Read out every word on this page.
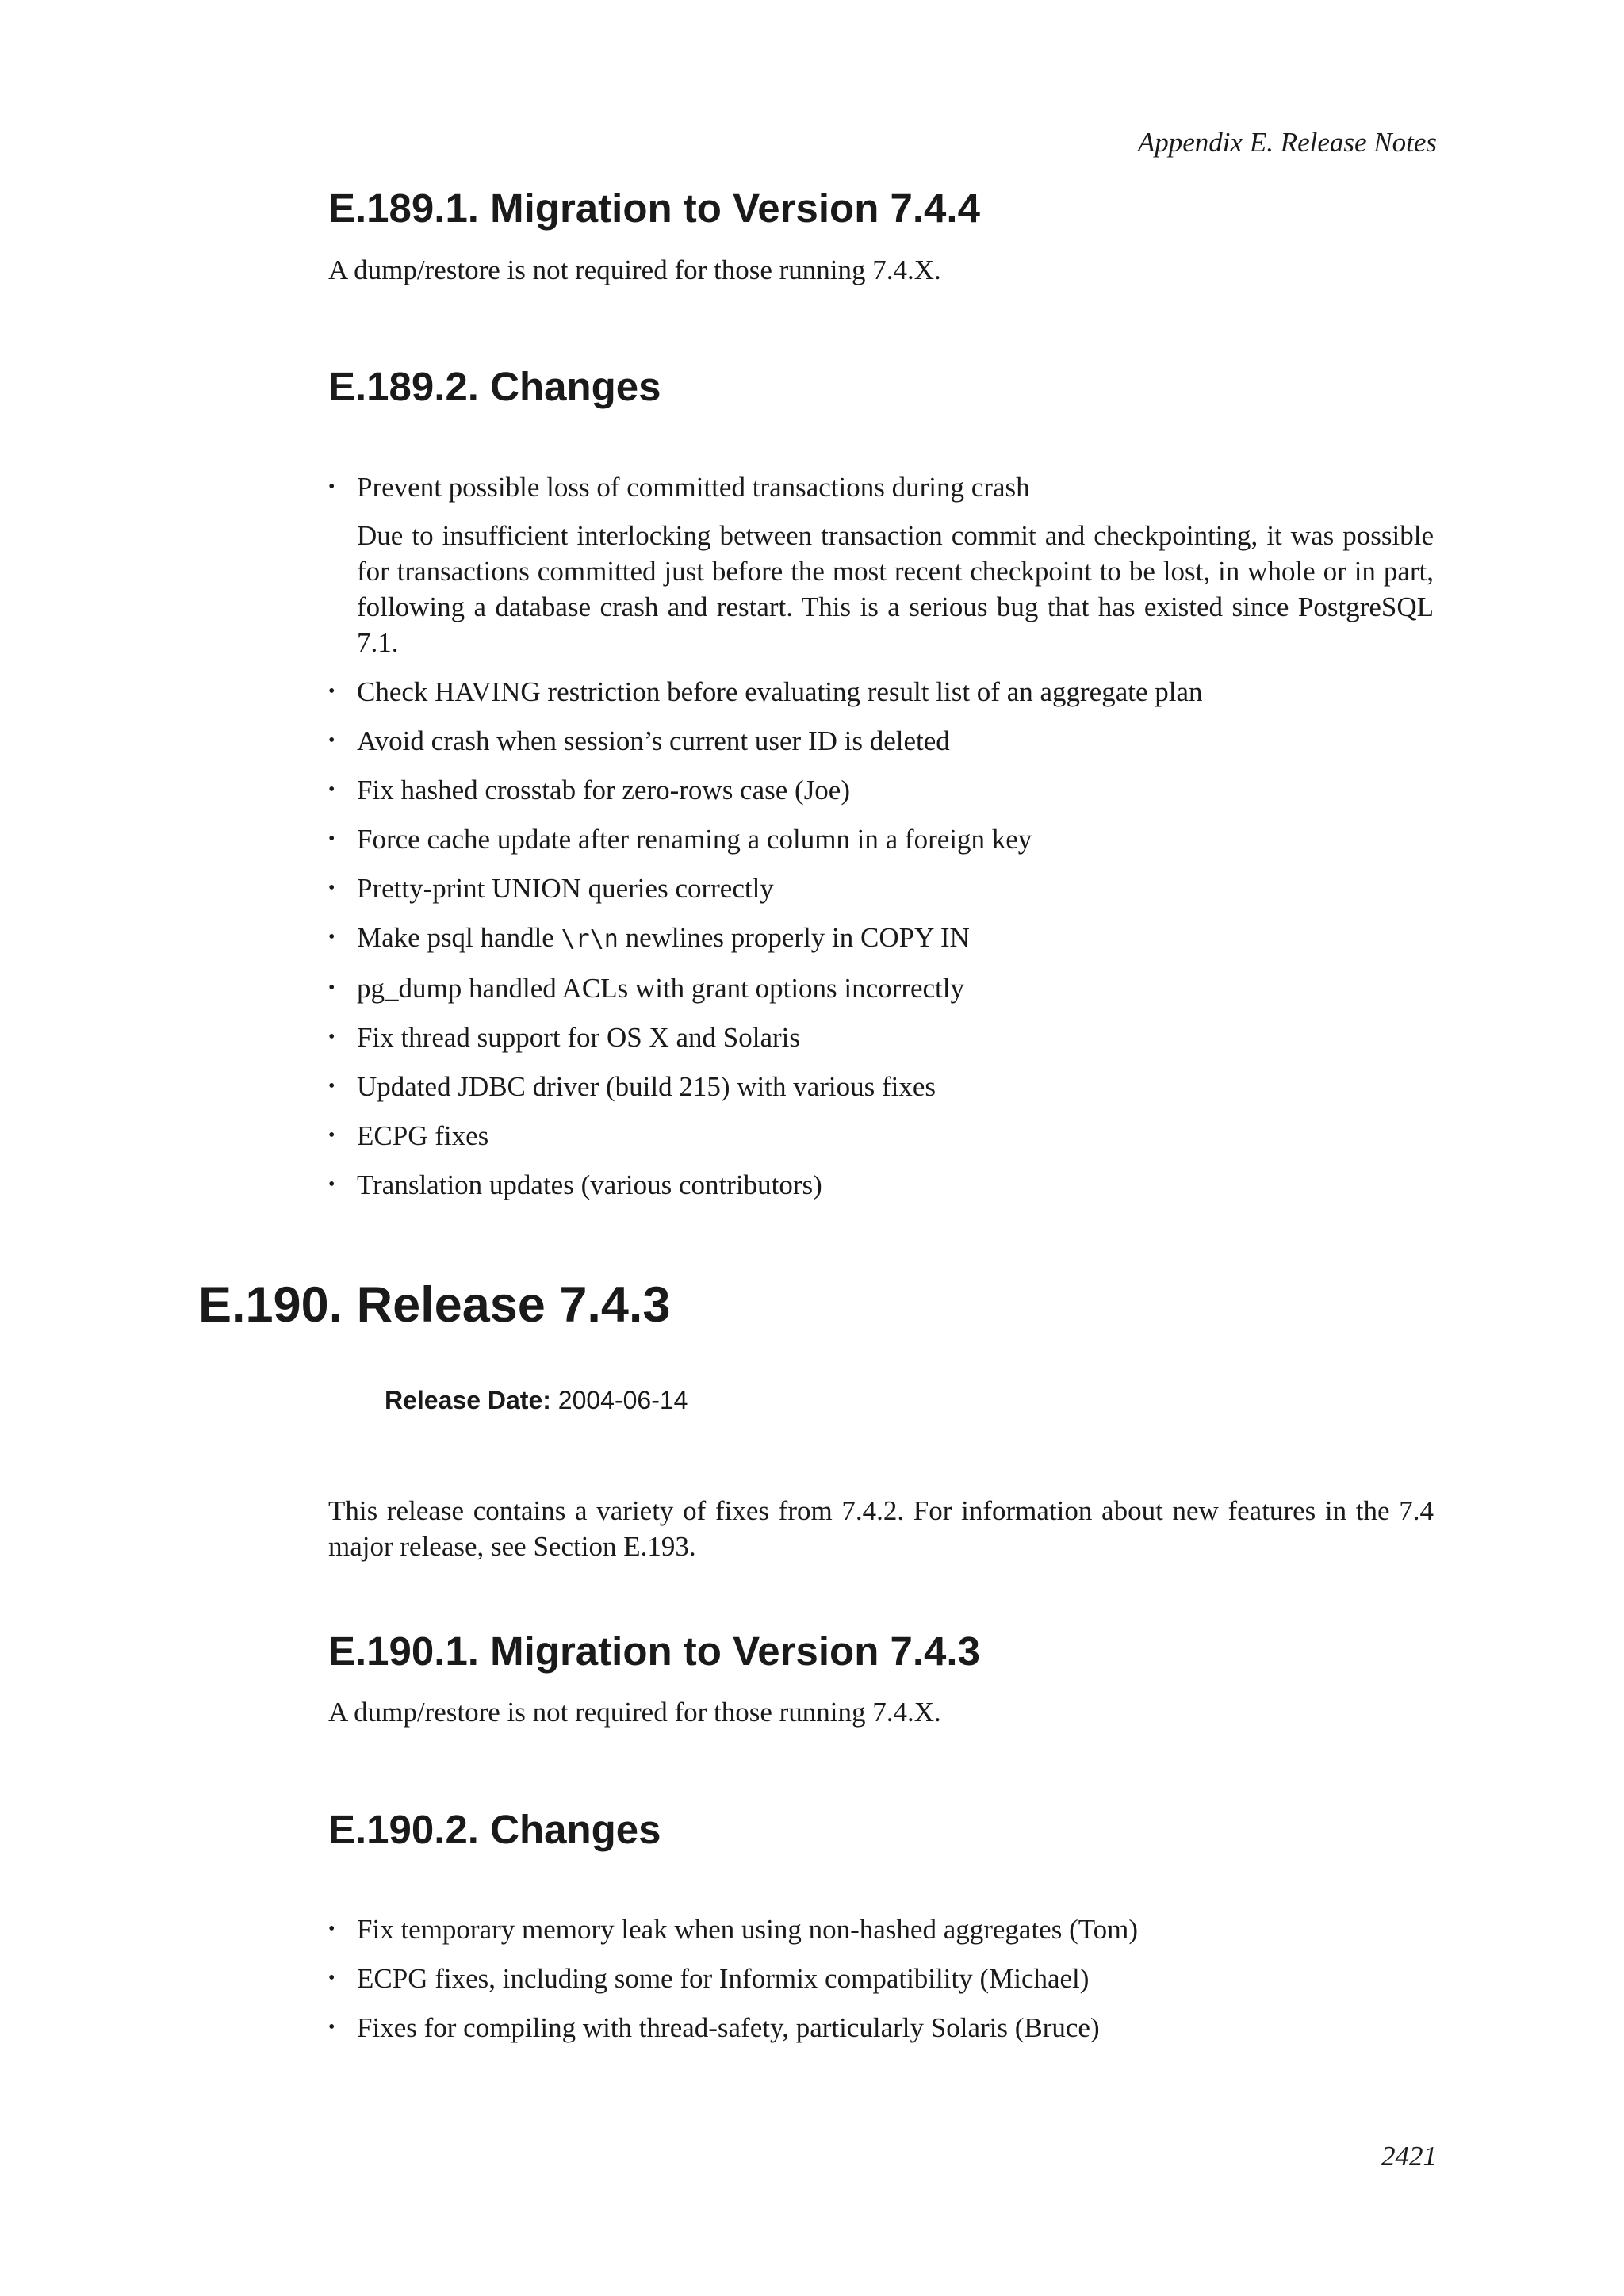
Appendix E. Release Notes
E.189.1. Migration to Version 7.4.4
A dump/restore is not required for those running 7.4.X.
E.189.2. Changes
• Prevent possible loss of committed transactions during crash
Due to insufficient interlocking between transaction commit and checkpointing, it was possible for transactions committed just before the most recent checkpoint to be lost, in whole or in part, following a database crash and restart. This is a serious bug that has existed since PostgreSQL 7.1.
• Check HAVING restriction before evaluating result list of an aggregate plan
• Avoid crash when session’s current user ID is deleted
• Fix hashed crosstab for zero-rows case (Joe)
• Force cache update after renaming a column in a foreign key
• Pretty-print UNION queries correctly
• Make psql handle \r\n newlines properly in COPY IN
• pg_dump handled ACLs with grant options incorrectly
• Fix thread support for OS X and Solaris
• Updated JDBC driver (build 215) with various fixes
• ECPG fixes
• Translation updates (various contributors)
E.190. Release 7.4.3
Release Date: 2004-06-14
This release contains a variety of fixes from 7.4.2. For information about new features in the 7.4 major release, see Section E.193.
E.190.1. Migration to Version 7.4.3
A dump/restore is not required for those running 7.4.X.
E.190.2. Changes
• Fix temporary memory leak when using non-hashed aggregates (Tom)
• ECPG fixes, including some for Informix compatibility (Michael)
• Fixes for compiling with thread-safety, particularly Solaris (Bruce)
2421
